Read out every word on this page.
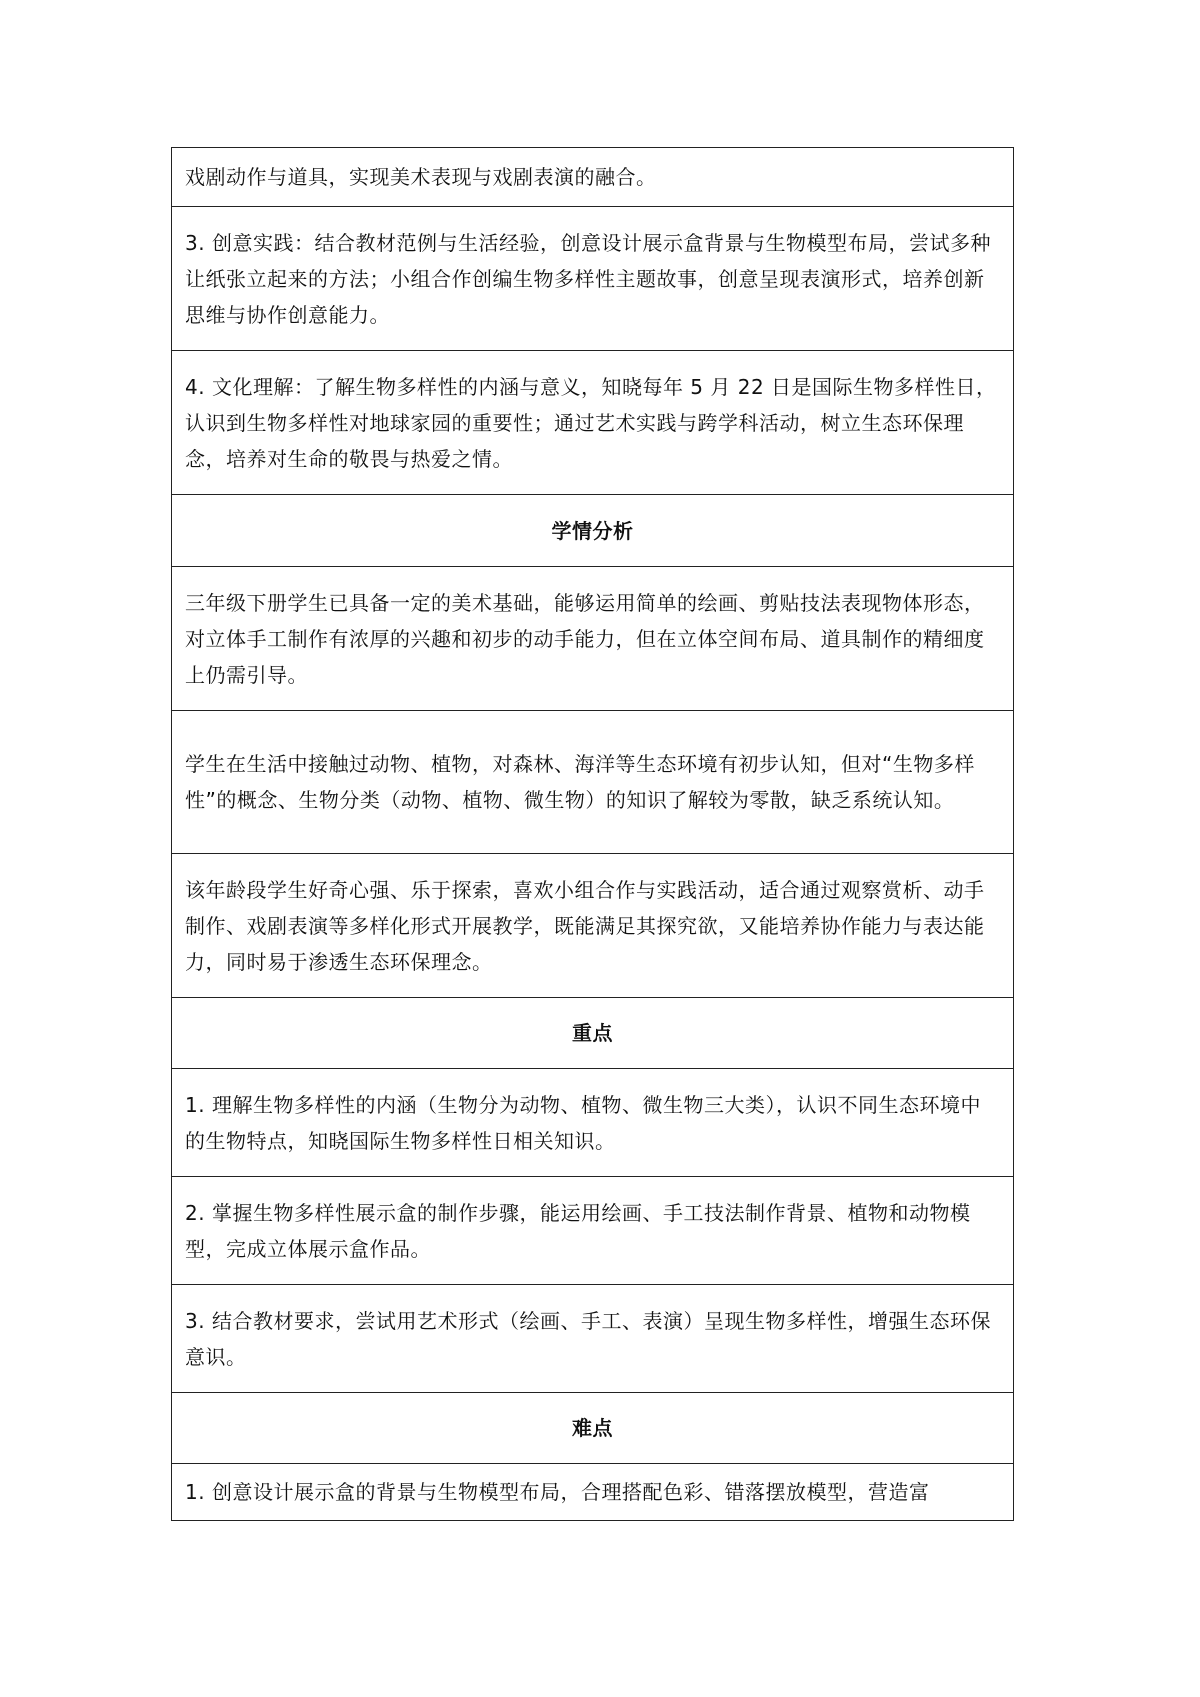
戏剧动作与道具，实现美术表现与戏剧表演的融合。

3. 创意实践：结合教材范例与生活经验，创意设计展示盒背景与生物模型布局，尝试多种让纸张立起来的方法；小组合作创编生物多样性主题故事，创意呈现表演形式，培养创新思维与协作创意能力。

4. 文化理解：了解生物多样性的内涵与意义，知晓每年 5 月 22 日是国际生物多样性日，认识到生物多样性对地球家园的重要性；通过艺术实践与跨学科活动，树立生态环保理念，培养对生命的敬畏与热爱之情。

学情分析

三年级下册学生已具备一定的美术基础，能够运用简单的绘画、剪贴技法表现物体形态，对立体手工制作有浓厚的兴趣和初步的动手能力，但在立体空间布局、道具制作的精细度上仍需引导。

学生在生活中接触过动物、植物，对森林、海洋等生态环境有初步认知，但对“生物多样性”的概念、生物分类（动物、植物、微生物）的知识了解较为零散，缺乏系统认知。

该年龄段学生好奇心强、乐于探索，喜欢小组合作与实践活动，适合通过观察赏析、动手制作、戏剧表演等多样化形式开展教学，既能满足其探究欲，又能培养协作能力与表达能力，同时易于渗透生态环保理念。

重点

1. 理解生物多样性的内涵（生物分为动物、植物、微生物三大类），认识不同生态环境中的生物特点，知晓国际生物多样性日相关知识。

2. 掌握生物多样性展示盒的制作步骤，能运用绘画、手工技法制作背景、植物和动物模型，完成立体展示盒作品。

3. 结合教材要求，尝试用艺术形式（绘画、手工、表演）呈现生物多样性，增强生态环保意识。

难点

1. 创意设计展示盒的背景与生物模型布局，合理搭配色彩、错落摆放模型，营造富
